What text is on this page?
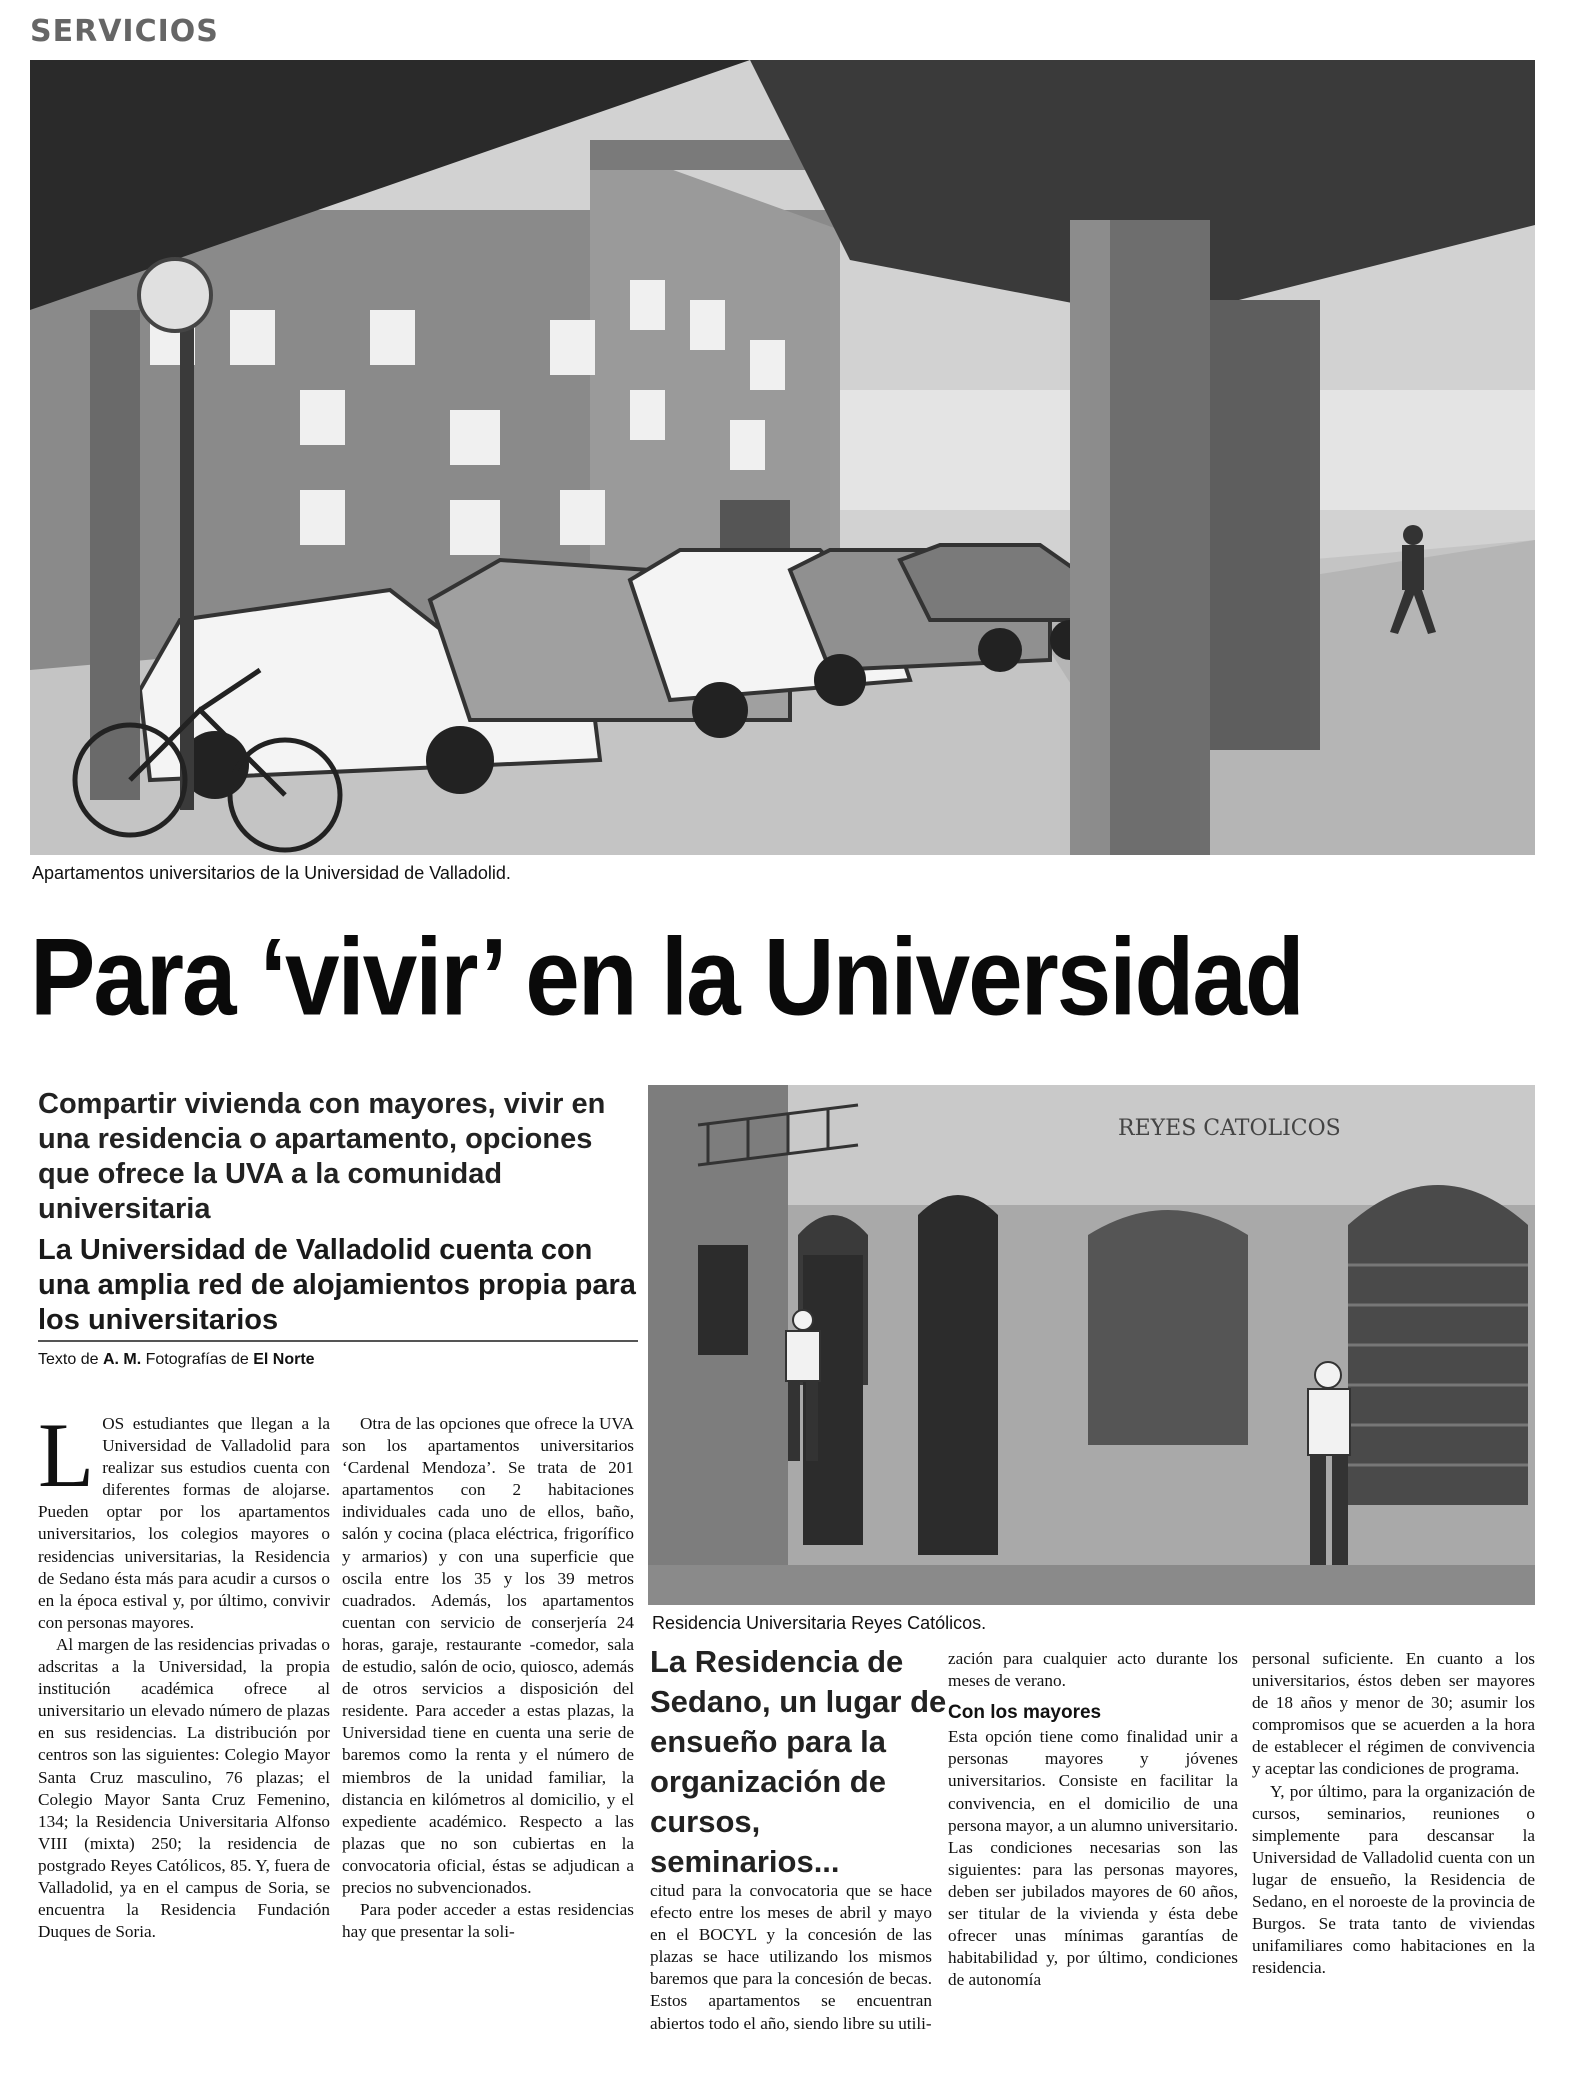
SERVICIOS
Apartamentos universitarios de la Universidad de Valladolid.
Para ‘vivir’ en la Universidad
Compartir vivienda con mayores, vivir en una residencia o apartamento, opciones que ofrece la UVA a la comunidad universitaria
La Universidad de Valladolid cuenta con una amplia red de alojamientos propia para los universitarios
Texto de A. M. Fotografías de El Norte
REYES CATOLICOS
Residencia Universitaria Reyes Católicos.

LOS estudiantes que llegan a la Universidad de Valladolid para realizar sus estudios cuenta con diferentes formas de alojarse. Pueden optar por los apartamentos universitarios, los colegios mayores o residencias universitarias, la Residencia de Sedano ésta más para acudir a cursos o en la época estival y, por último, convivir con personas mayores.

Al margen de las residencias privadas o adscritas a la Universidad, la propia institución académica ofrece al universitario un elevado número de plazas en sus residencias. La distribución por centros son las siguientes: Colegio Mayor Santa Cruz masculino, 76 plazas; el Colegio Mayor Santa Cruz Femenino, 134; la Residencia Universitaria Alfonso VIII (mixta) 250; la residencia de postgrado Reyes Católicos, 85. Y, fuera de Valladolid, ya en el campus de Soria, se encuentra la Residencia Fundación Duques de Soria.

Otra de las opciones que ofrece la UVA son los apartamentos universitarios ‘Cardenal Mendoza’. Se trata de 201 apartamentos con 2 habitaciones individuales cada uno de ellos, baño, salón y cocina (placa eléctrica, frigorífico y armarios) y con una superficie que oscila entre los 35 y los 39 metros cuadrados. Además, los apartamentos cuentan con servicio de conserjería 24 horas, garaje, restaurante -comedor, sala de estudio, salón de ocio, quiosco, además de otros servicios a disposición del residente. Para acceder a estas plazas, la Universidad tiene en cuenta una serie de baremos como la renta y el número de miembros de la unidad familiar, la distancia en kilómetros al domicilio, y el expediente académico. Respecto a las plazas que no son cubiertas en la convocatoria oficial, éstas se adjudican a precios no subvencionados.

Para poder acceder a estas residencias hay que presentar la soli-

La Residencia de Sedano, un lugar de ensueño para la organización de cursos, seminarios...

citud para la convocatoria que se hace efecto entre los meses de abril y mayo en el BOCYL y la concesión de las plazas se hace utilizando los mismos baremos que para la concesión de becas. Estos apartamentos se encuentran abiertos todo el año, siendo libre su utili-

zación para cualquier acto durante los meses de verano.

Con los mayores

Esta opción tiene como finalidad unir a personas mayores y jóvenes universitarios. Consiste en facilitar la convivencia, en el domicilio de una persona mayor, a un alumno universitario. Las condiciones necesarias son las siguientes: para las personas mayores, deben ser jubilados mayores de 60 años, ser titular de la vivienda y ésta debe ofrecer unas mínimas garantías de habitabilidad y, por último, condiciones de autonomía

personal suficiente. En cuanto a los universitarios, éstos deben ser mayores de 18 años y menor de 30; asumir los compromisos que se acuerden a la hora de establecer el régimen de convivencia y aceptar las condiciones de programa.

Y, por último, para la organización de cursos, seminarios, reuniones o simplemente para descansar la Universidad de Valladolid cuenta con un lugar de ensueño, la Residencia de Sedano, en el noroeste de la provincia de Burgos. Se trata tanto de viviendas unifamiliares como habitaciones en la residencia.
